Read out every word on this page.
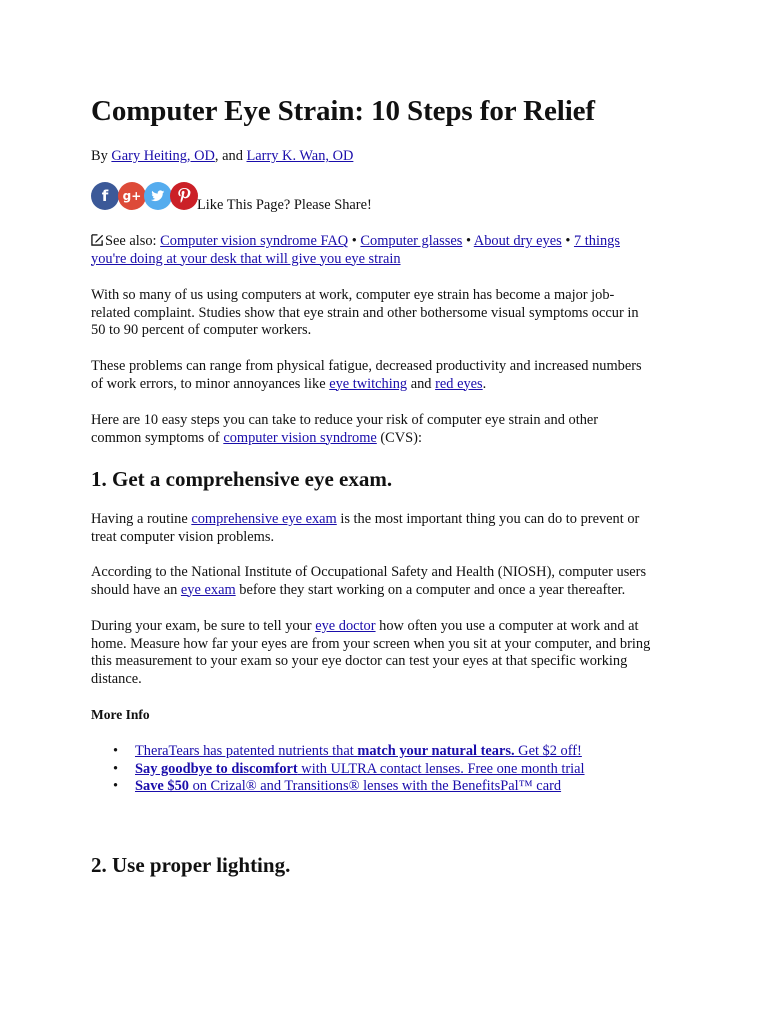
Computer Eye Strain: 10 Steps for Relief

By Gary Heiting, OD, and Larry K. Wan, OD

f	g+
Like This Page? Please Share!

See also: Computer vision syndrome FAQ • Computer glasses • About dry eyes • 7 things you're doing at your desk that will give you eye strain

With so many of us using computers at work, computer eye strain has become a major job-related complaint. Studies show that eye strain and other bothersome visual symptoms occur in 50 to 90 percent of computer workers.

These problems can range from physical fatigue, decreased productivity and increased numbers of work errors, to minor annoyances like eye twitching and red eyes.

Here are 10 easy steps you can take to reduce your risk of computer eye strain and other common symptoms of computer vision syndrome (CVS):

1. Get a comprehensive eye exam.

Having a routine comprehensive eye exam is the most important thing you can do to prevent or treat computer vision problems.

According to the National Institute of Occupational Safety and Health (NIOSH), computer users should have an eye exam before they start working on a computer and once a year thereafter.

During your exam, be sure to tell your eye doctor how often you use a computer at work and at home. Measure how far your eyes are from your screen when you sit at your computer, and bring this measurement to your exam so your eye doctor can test your eyes at that specific working distance.

More Info

• TheraTears has patented nutrients that match your natural tears. Get $2 off!
• Say goodbye to discomfort with ULTRA contact lenses. Free one month trial
• Save $50 on Crizal® and Transitions® lenses with the BenefitsPal™ card
2. Use proper lighting.
